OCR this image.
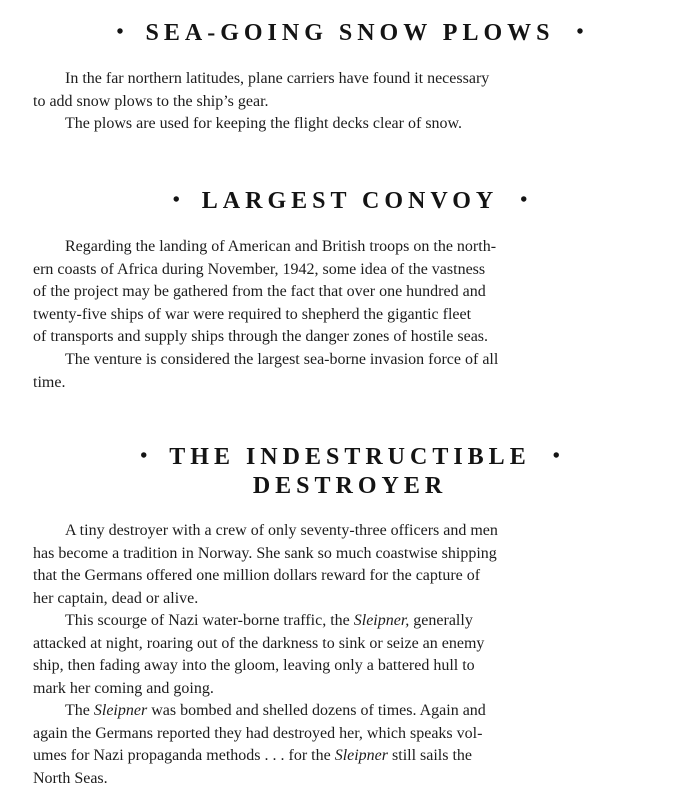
• SEA-GOING SNOW PLOWS •
In the far northern latitudes, plane carriers have found it necessary
to add snow plows to the ship’s gear.
The plows are used for keeping the flight decks clear of snow.
• LARGEST CONVOY •
Regarding the landing of American and British troops on the north-
ern coasts of Africa during November, 1942, some idea of the vastness
of the project may be gathered from the fact that over one hundred and
twenty-five ships of war were required to shepherd the gigantic fleet
of transports and supply ships through the danger zones of hostile seas.
The venture is considered the largest sea-borne invasion force of all
time.
• THE INDESTRUCTIBLE •
DESTROYER
A tiny destroyer with a crew of only seventy-three officers and men
has become a tradition in Norway. She sank so much coastwise shipping
that the Germans offered one million dollars reward for the capture of
her captain, dead or alive.
This scourge of Nazi water-borne traffic, the Sleipner, generally
attacked at night, roaring out of the darkness to sink or seize an enemy
ship, then fading away into the gloom, leaving only a battered hull to
mark her coming and going.
The Sleipner was bombed and shelled dozens of times. Again and
again the Germans reported they had destroyed her, which speaks vol-
umes for Nazi propaganda methods . . . for the Sleipner still sails the
North Seas.
